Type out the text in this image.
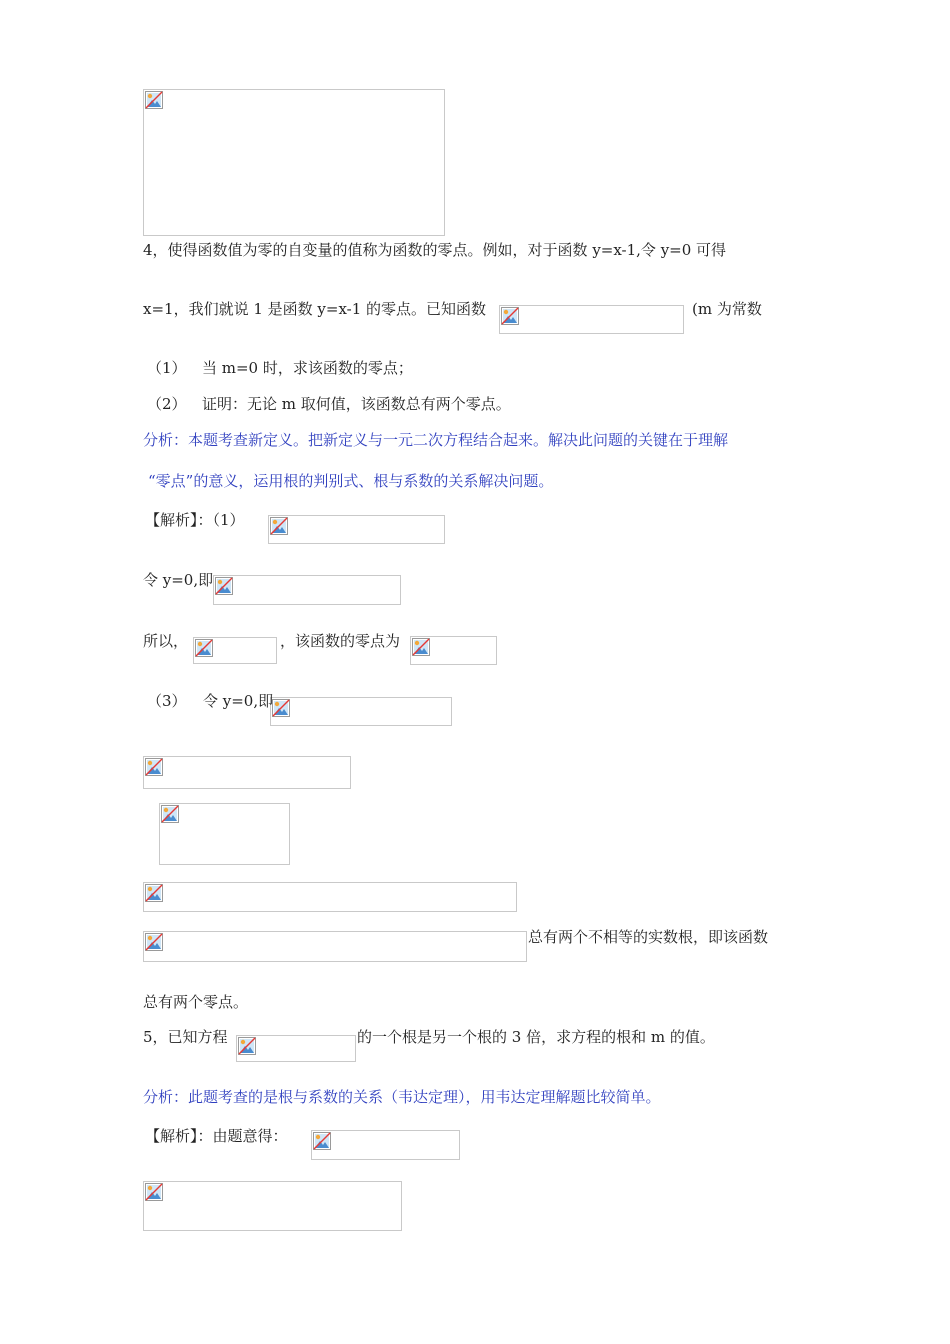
4，使得函数值为零的自变量的值称为函数的零点。例如，对于函数 y=x-1,令 y=0 可得
x=1，我们就说 1 是函数 y=x-1 的零点。已知函数	(m 为常数
（1） 当 m=0 时，求该函数的零点；
（2） 证明：无论 m 取何值，该函数总有两个零点。
分析：本题考查新定义。把新定义与一元二次方程结合起来。解决此问题的关键在于理解
“零点”的意义，运用根的判别式、根与系数的关系解决问题。
【解析】：（1）
令 y=0,即
所以，	，该函数的零点为
（3） 令 y=0,即
总有两个不相等的实数根，即该函数
总有两个零点。
5，已知方程	的一个根是另一个根的 3 倍，求方程的根和 m 的值。
分析：此题考查的是根与系数的关系（韦达定理），用韦达定理解题比较简单。
【解析】：由题意得：
